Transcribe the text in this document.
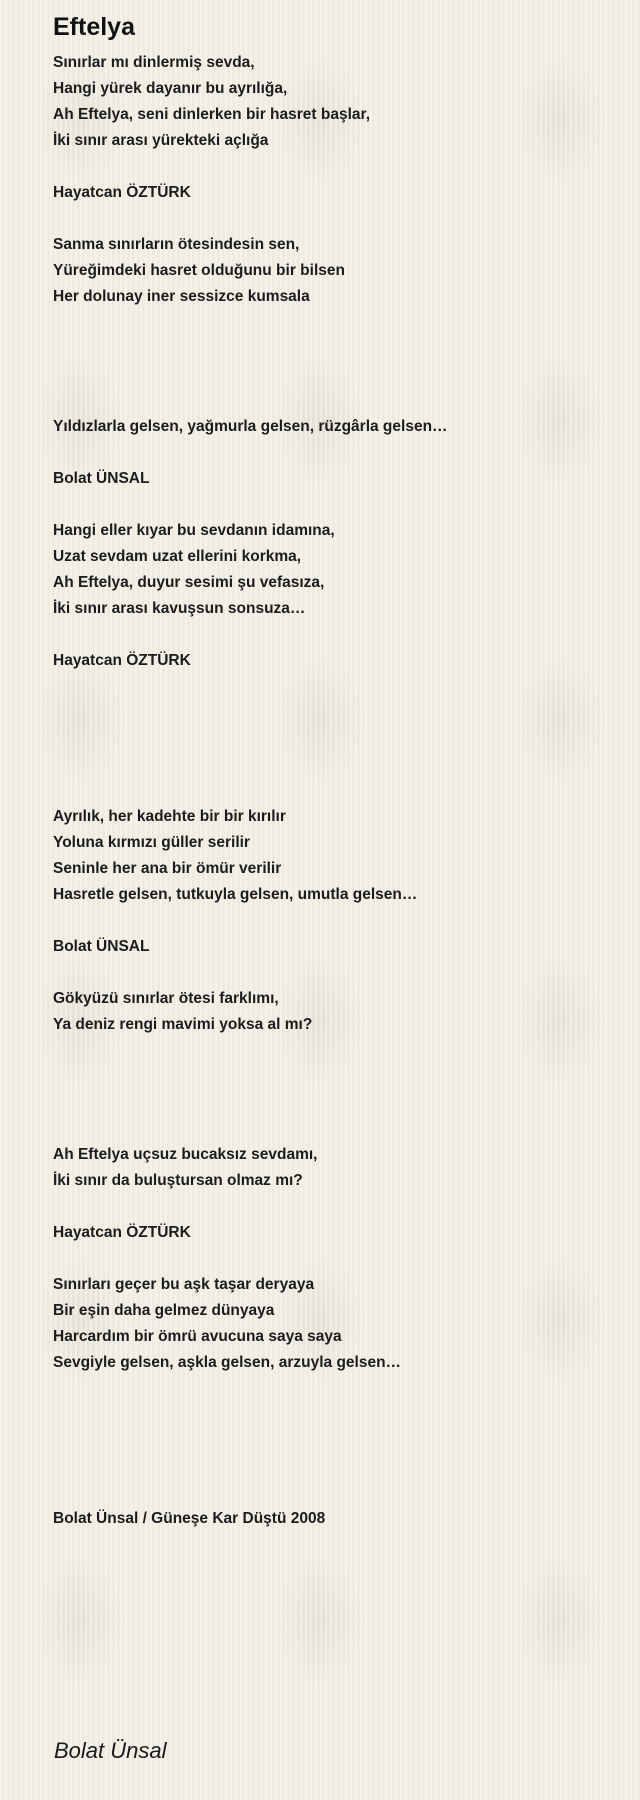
Eftelya
Sınırlar mı dinlermiş sevda,
Hangi yürek dayanır bu ayrılığa,
Ah Eftelya, seni dinlerken bir hasret başlar,
İki sınır arası yürekteki açlığa
Hayatcan ÖZTÜRK
Sanma sınırların ötesindesin sen,
Yüreğimdeki hasret olduğunu bir bilsen
Her dolunay iner sessizce kumsala
Yıldızlarla gelsen, yağmurla gelsen, rüzgârla gelsen…
Bolat ÜNSAL
Hangi eller kıyar bu sevdanın idamına,
Uzat sevdam uzat ellerini korkma,
Ah Eftelya, duyur sesimi şu vefasıza,
İki sınır arası kavuşsun sonsuza…
Hayatcan ÖZTÜRK
Ayrılık, her kadehte bir bir kırılır
Yoluna kırmızı güller serilir
Seninle her ana bir ömür verilir
Hasretle gelsen, tutkuyla gelsen, umutla gelsen…
Bolat ÜNSAL
Gökyüzü sınırlar ötesi farklımı,
Ya deniz rengi mavimi yoksa al mı?
Ah Eftelya uçsuz bucaksız sevdamı,
İki sınır da buluştursan olmaz mı?
Hayatcan ÖZTÜRK
Sınırları geçer bu aşk taşar deryaya
Bir eşin daha gelmez dünyaya
Harcardım bir ömrü avucuna saya saya
Sevgiyle gelsen, aşkla gelsen, arzuyla gelsen…
Bolat Ünsal / Güneşe Kar Düştü 2008
Bolat Ünsal
